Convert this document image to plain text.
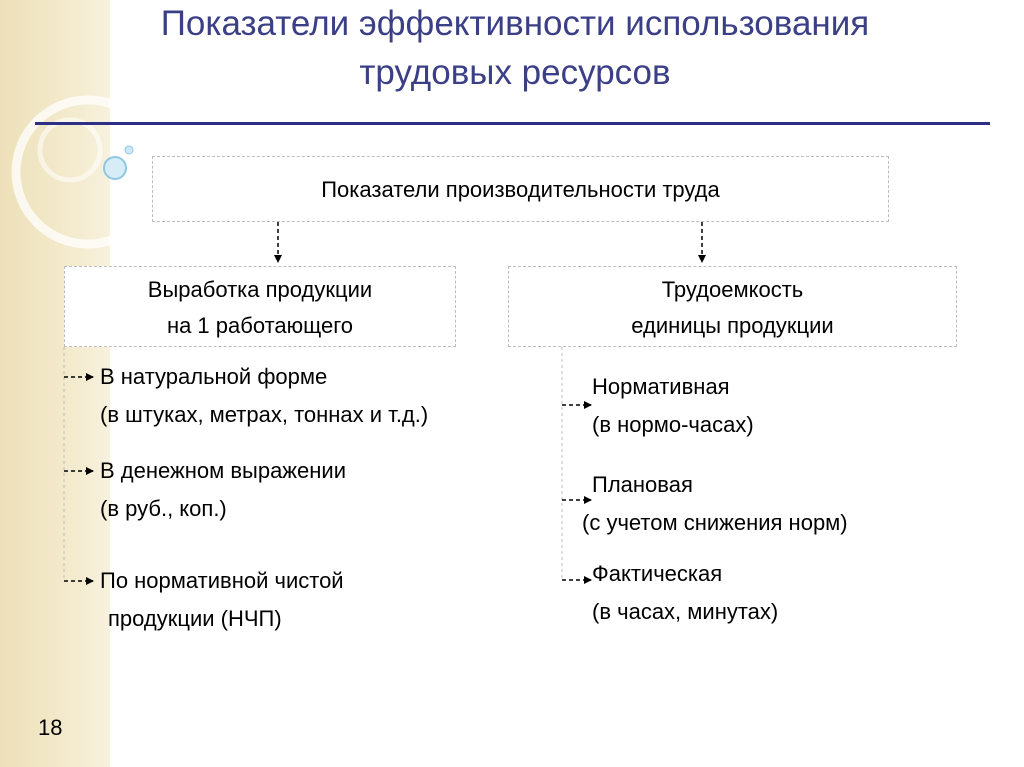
Показатели эффективности использования
трудовых ресурсов
Показатели производительности труда
Выработка продукции
на 1 работающего
Трудоемкость
единицы продукции
В натуральной форме
(в штуках, метрах, тоннах и т.д.)
В денежном выражении
(в руб., коп.)
По нормативной чистой
продукции (НЧП)
Нормативная
(в нормо-часах)
Плановая
(с учетом снижения норм)
Фактическая
(в часах, минутах)
18
